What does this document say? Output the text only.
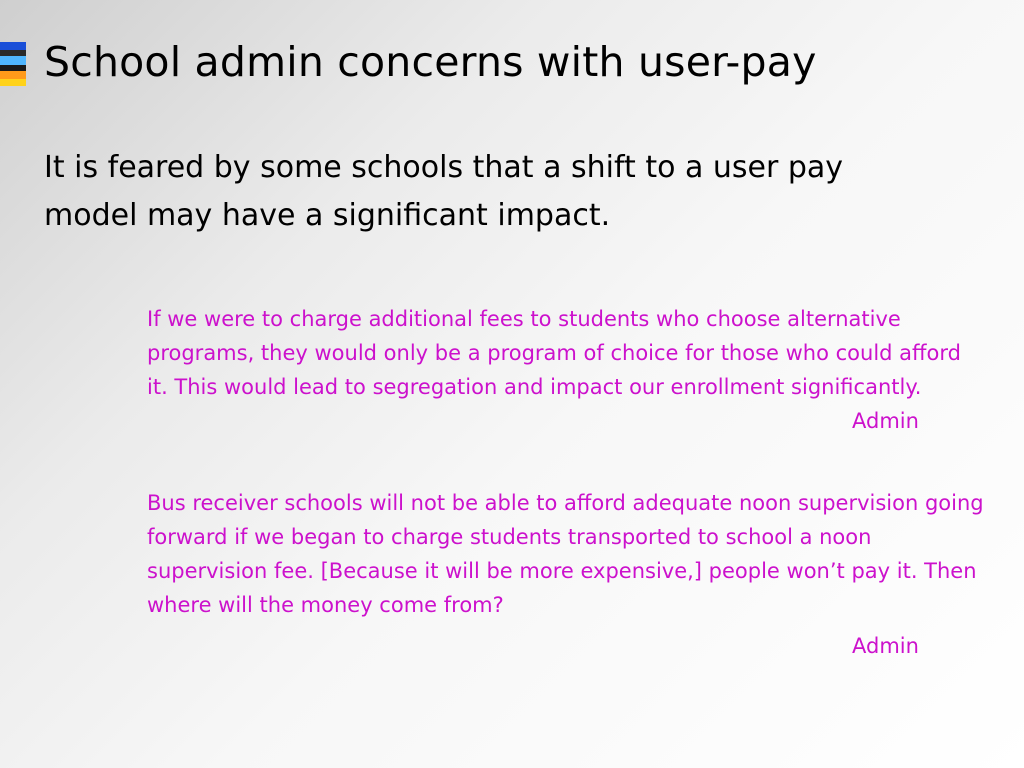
School admin concerns with user-pay

It is feared by some schools that a shift to a user pay model may have a significant impact.

If we were to charge additional fees to students who choose alternative programs, they would only be a program of choice for those who could afford it. This would lead to segregation and impact our enrollment significantly.

Admin

Bus receiver schools will not be able to afford adequate noon supervision going forward if we began to charge students transported to school a noon supervision fee. [Because it will be more expensive,] people won’t pay it. Then where will the money come from?

Admin
